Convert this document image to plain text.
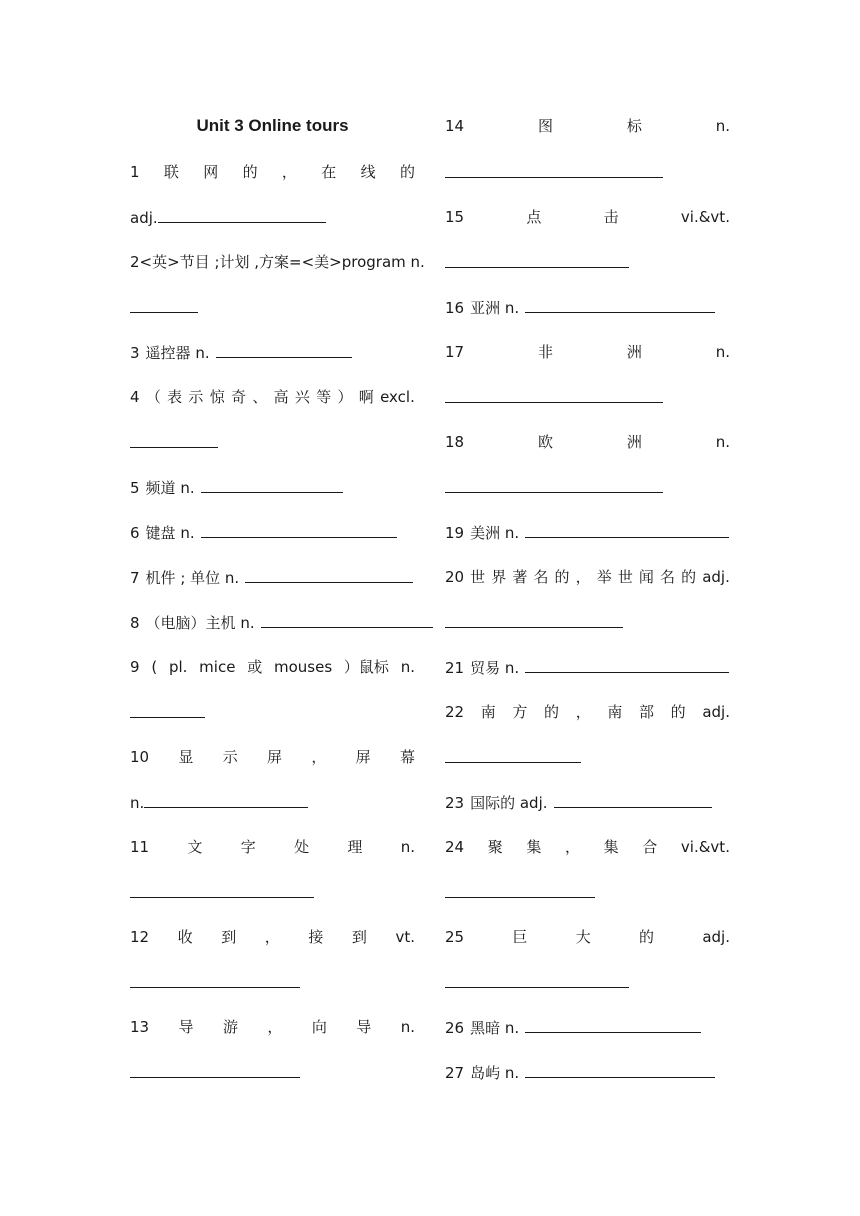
Unit 3 Online tours
1 联 网 的 ， 在 线 的
adj.
2<英>节目 ;计划 ,方案=<美>program n.
3 遥控器 n.
4 （ 表 示 惊 奇 、 高 兴 等 ） 啊 excl.
5 频道 n.
6 键盘 n.
7 机件 ; 单位 n.
8 （电脑）主机 n.
9 ( pl. mice 或 mouses ）鼠标 n.
10 显 示 屏 ， 屏 幕
n.
11	文	字	处	理	n.
12 收 到 ， 接 到 vt.
13 导 游 ， 向 导 n.
14	图	标	n.
15	点	击	vi.&vt.
16 亚洲 n.
17	非	洲	n.
18	欧	洲	n.
19 美洲 n.
20 世 界 著 名 的 ， 举 世 闻 名 的 adj.
21 贸易 n.
22 南 方 的 ， 南 部 的 adj.
23 国际的 adj.
24 聚 集 ， 集 合 vi.&vt.
25	巨	大	的	adj.
26 黑暗 n.
27 岛屿 n.
